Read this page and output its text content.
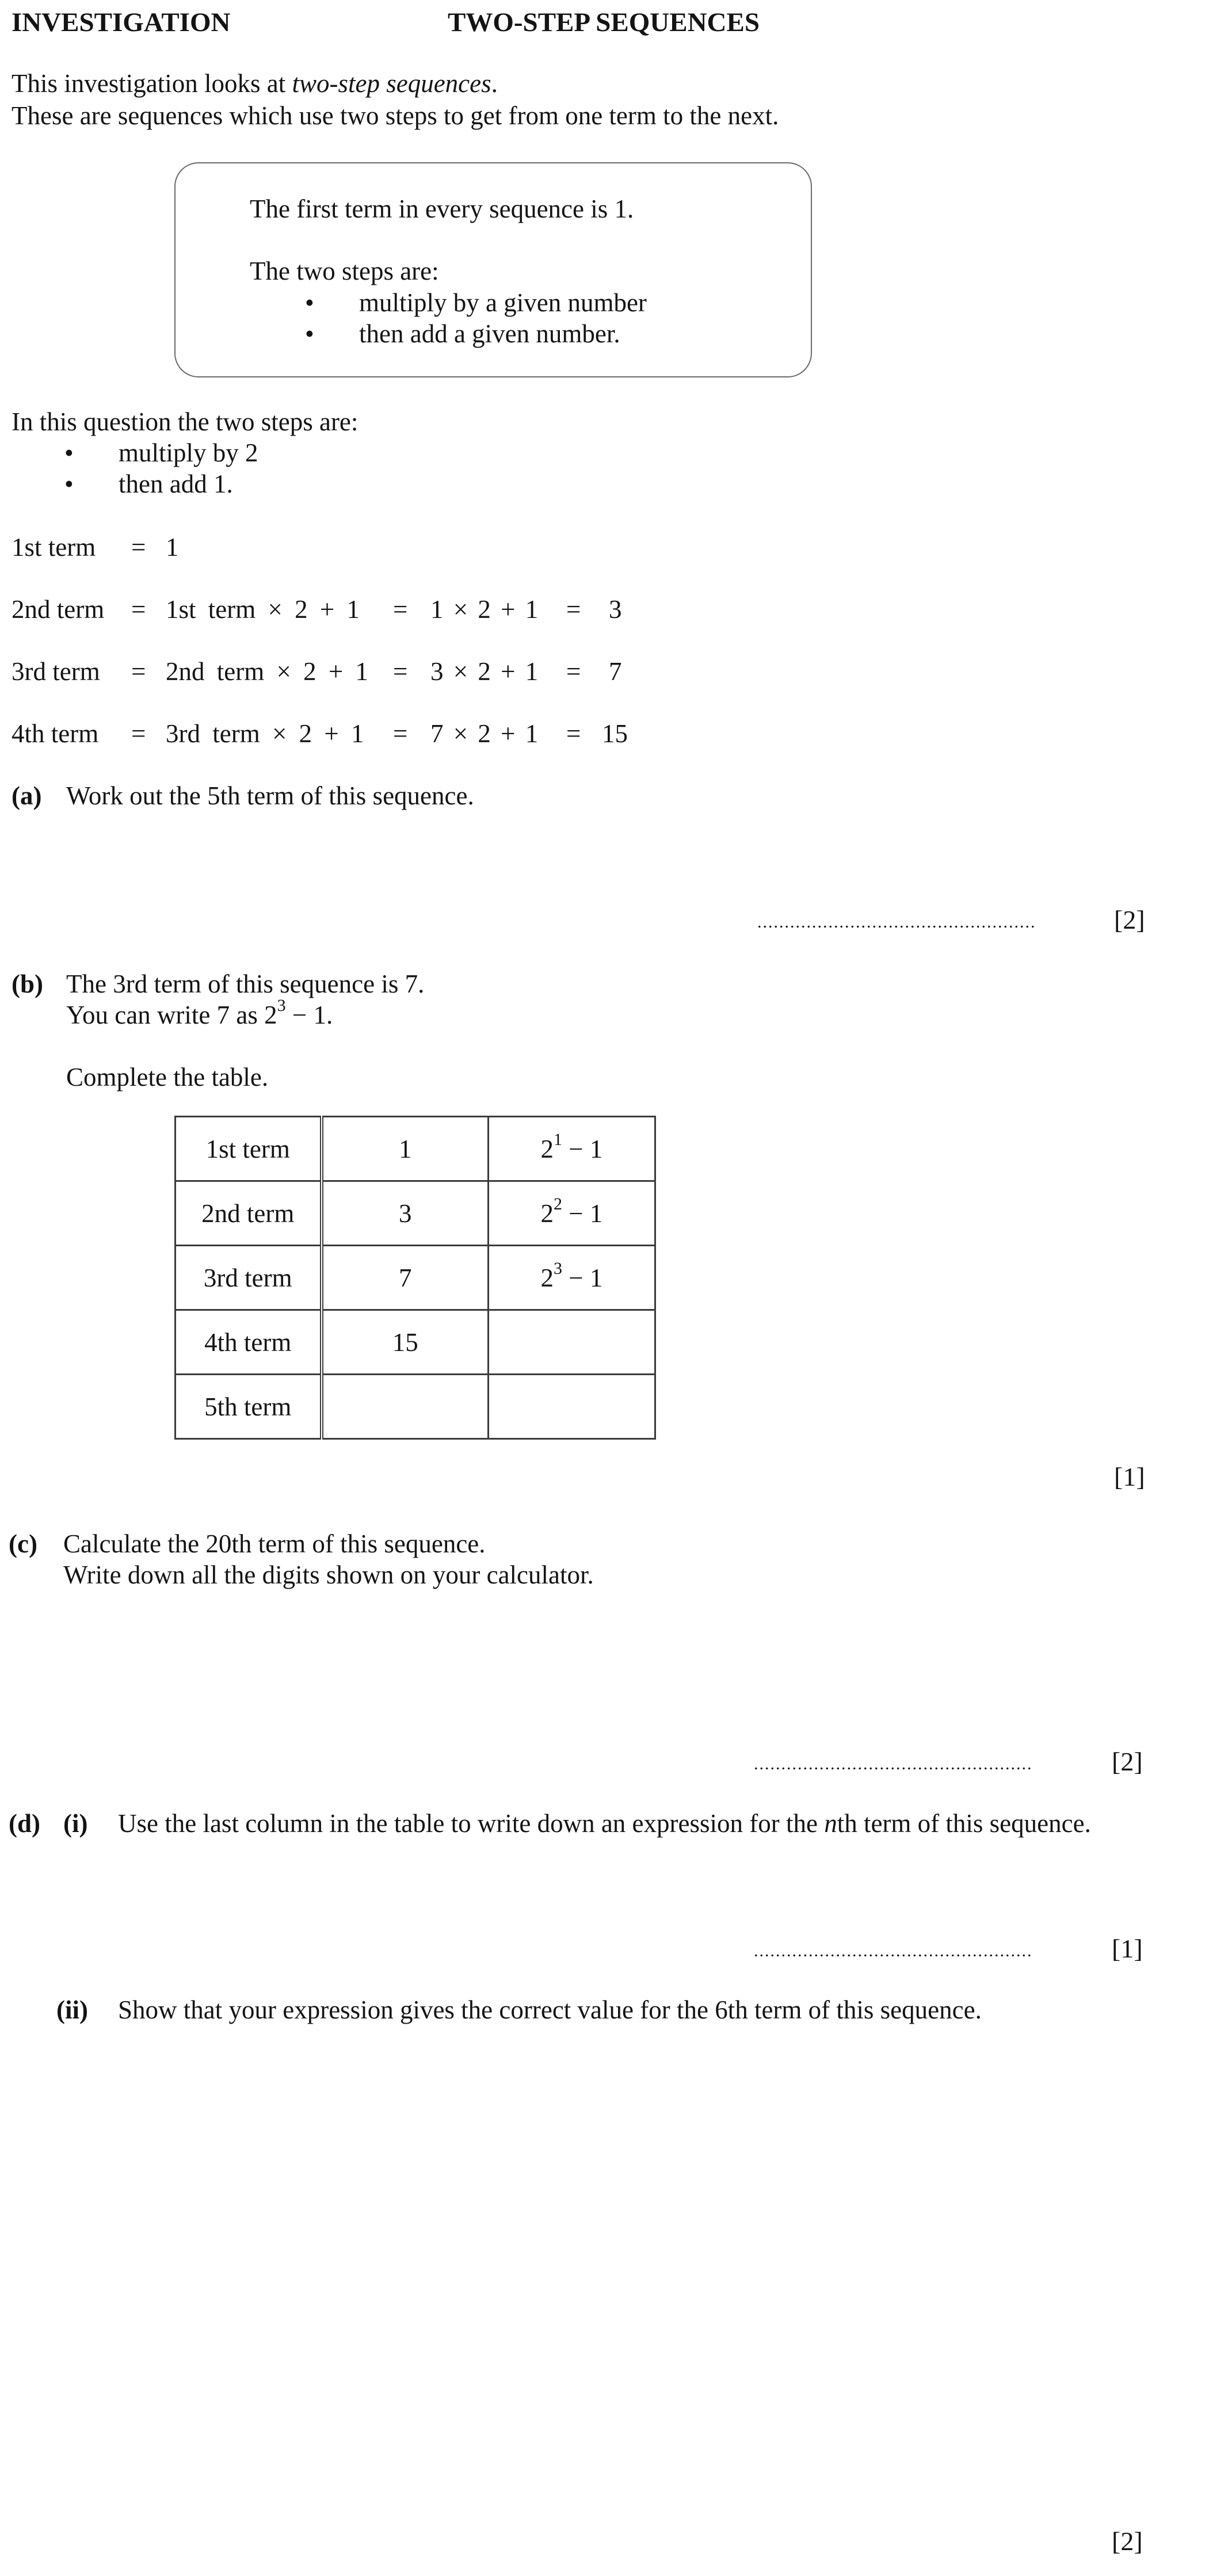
INVESTIGATION	TWO-STEP SEQUENCES
This investigation looks at two-step sequences.
These are sequences which use two steps to get from one term to the next.
The first term in every sequence is 1.
The two steps are:
• multiply by a given number
• then add a given number.
In this question the two steps are:
• multiply by 2
• then add 1.
1st term = 1
2nd term = 1st term × 2 + 1 = 1 × 2 + 1 = 3
3rd term = 2nd term × 2 + 1 = 3 × 2 + 1 = 7
4th term = 3rd term × 2 + 1 = 7 × 2 + 1 = 15
(a) Work out the 5th term of this sequence.
...................................................	[2]
(b) The 3rd term of this sequence is 7.
You can write 7 as $2^3 - 1$.
Complete the table.
1st term	1	$2^1 - 1$
2nd term	3	$2^2 - 1$
3rd term	7	$2^3 - 1$
4th term	15	
5th term		
[1]
(c) Calculate the 20th term of this sequence.
Write down all the digits shown on your calculator.
...................................................	[2]
(d) (i) Use the last column in the table to write down an expression for the nth term of this sequence.
...................................................	[1]
(ii) Show that your expression gives the correct value for the 6th term of this sequence.
[2]
